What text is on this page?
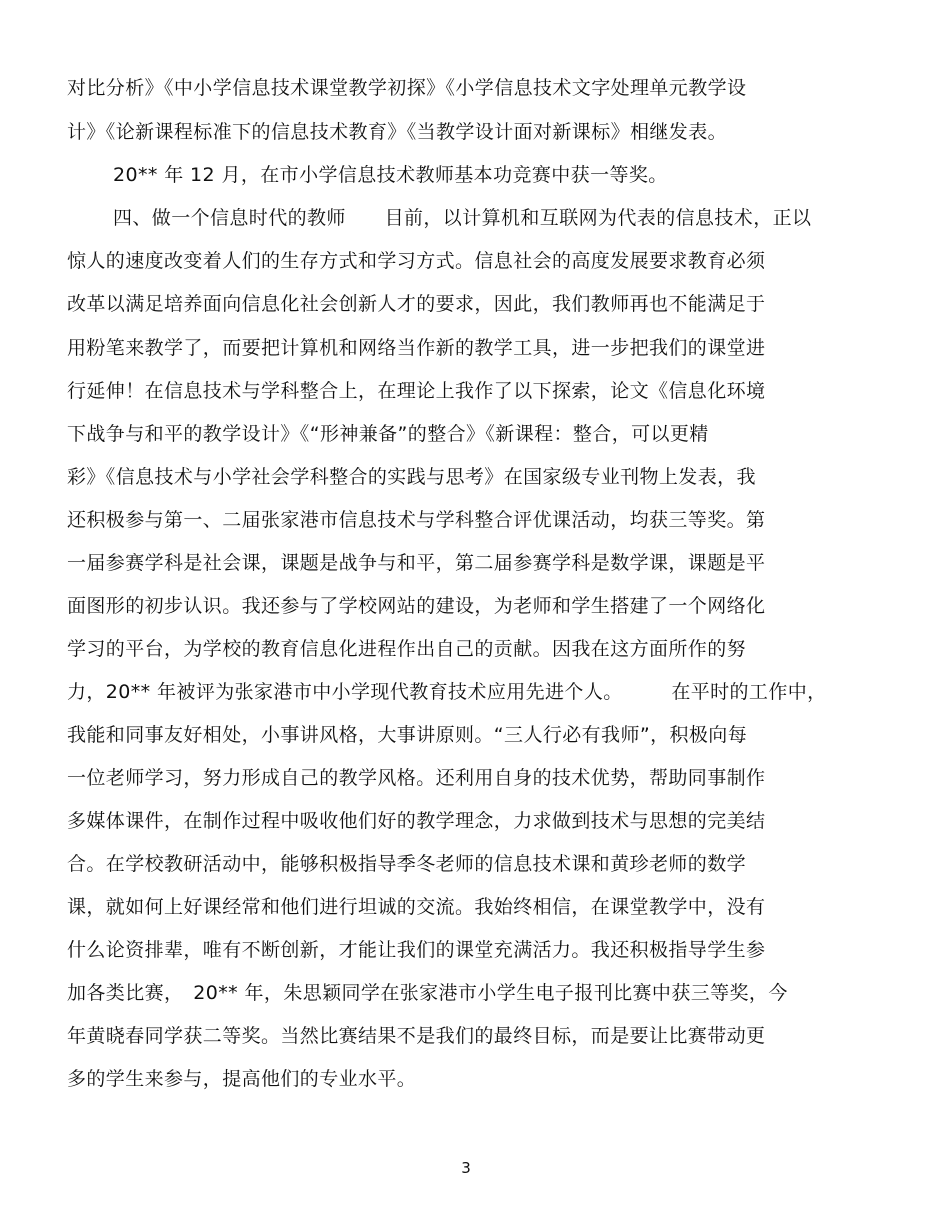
对比分析》《中小学信息技术课堂教学初探》《小学信息技术文字处理单元教学设
计》《论新课程标准下的信息技术教育》《当教学设计面对新课标》相继发表。
20** 年 12 月，在市小学信息技术教师基本功竞赛中获一等奖。
四、做一个信息时代的教师　　目前，以计算机和互联网为代表的信息技术，正以
惊人的速度改变着人们的生存方式和学习方式。信息社会的高度发展要求教育必须
改革以满足培养面向信息化社会创新人才的要求，因此，我们教师再也不能满足于
用粉笔来教学了，而要把计算机和网络当作新的教学工具，进一步把我们的课堂进
行延伸！在信息技术与学科整合上，在理论上我作了以下探索，论文《信息化环境
下战争与和平的教学设计》《“形神兼备”的整合》《新课程：整合，可以更精
彩》《信息技术与小学社会学科整合的实践与思考》在国家级专业刊物上发表，我
还积极参与第一、二届张家港市信息技术与学科整合评优课活动，均获三等奖。第
一届参赛学科是社会课，课题是战争与和平，第二届参赛学科是数学课，课题是平
面图形的初步认识。我还参与了学校网站的建设，为老师和学生搭建了一个网络化
学习的平台，为学校的教育信息化进程作出自己的贡献。因我在这方面所作的努
力，20** 年被评为张家港市中小学现代教育技术应用先进个人。　　　在平时的工作中，
我能和同事友好相处，小事讲风格，大事讲原则。“三人行必有我师”，积极向每
一位老师学习，努力形成自己的教学风格。还利用自身的技术优势，帮助同事制作
多媒体课件，在制作过程中吸收他们好的教学理念，力求做到技术与思想的完美结
合。在学校教研活动中，能够积极指导季冬老师的信息技术课和黄珍老师的数学
课，就如何上好课经常和他们进行坦诚的交流。我始终相信，在课堂教学中，没有
什么论资排辈，唯有不断创新，才能让我们的课堂充满活力。我还积极指导学生参
加各类比赛，　20** 年，朱思颖同学在张家港市小学生电子报刊比赛中获三等奖，今
年黄晓春同学获二等奖。当然比赛结果不是我们的最终目标，而是要让比赛带动更
多的学生来参与，提高他们的专业水平。
3
